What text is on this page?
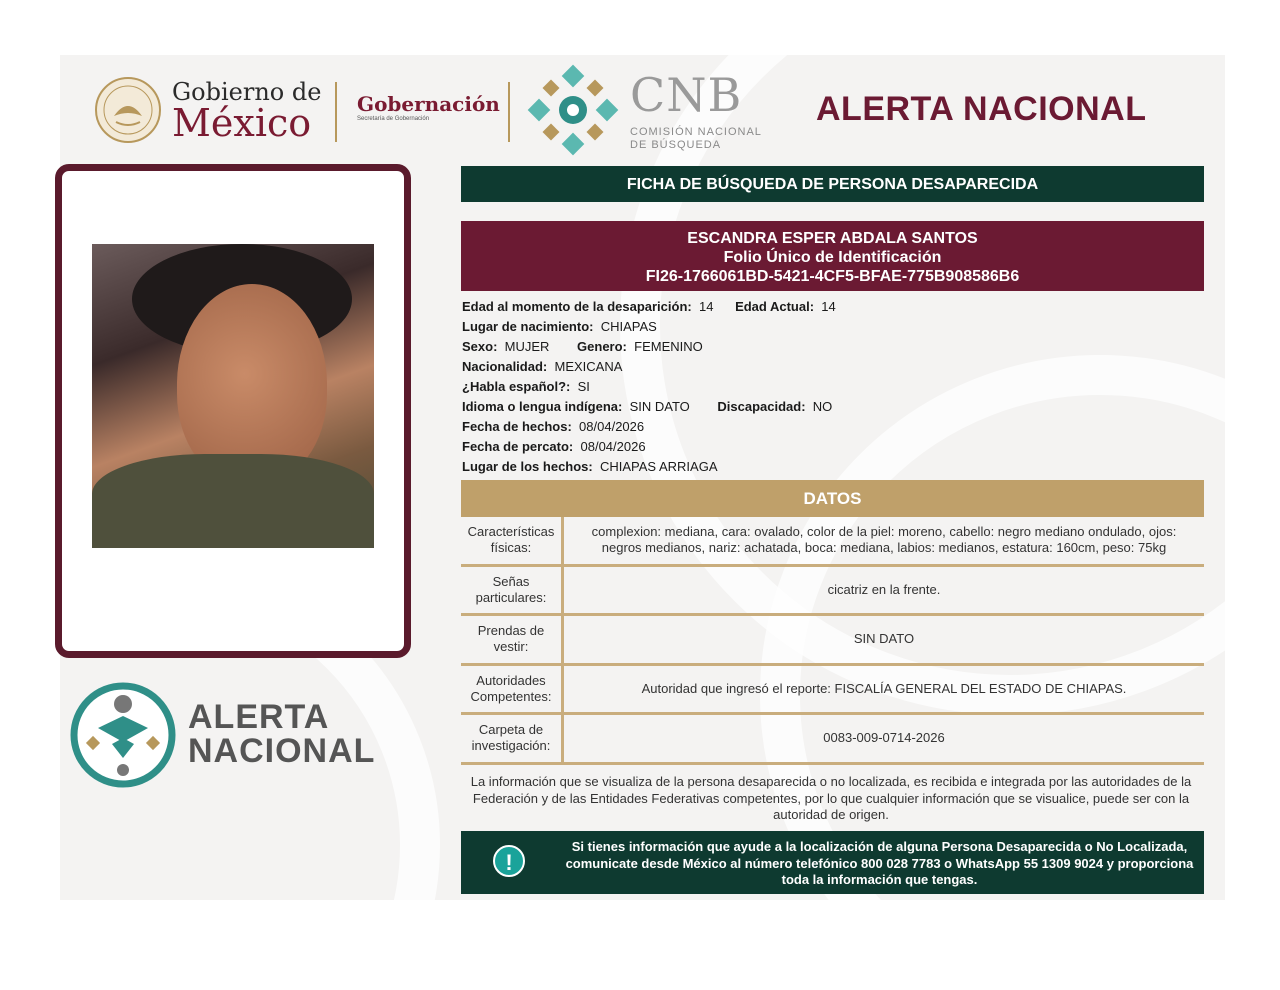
Gobierno de
México	Gobernación
Secretaría de Gobernación	CNB
COMISIÓN NACIONAL
DE BÚSQUEDA
ALERTA NACIONAL
ALERTA
NACIONAL
FICHA DE BÚSQUEDA DE PERSONA DESAPARECIDA
ESCANDRA ESPER ABDALA SANTOS
Folio Único de Identificación
FI26-1766061BD-5421-4CF5-BFAE-775B908586B6
Edad al momento de la desaparición: 14 Edad Actual: 14
Lugar de nacimiento: CHIAPAS
Sexo: MUJER Genero: FEMENINO
Nacionalidad: MEXICANA
¿Habla español?: SI
Idioma o lengua indígena: SIN DATO Discapacidad: NO
Fecha de hechos: 08/04/2026
Fecha de percato: 08/04/2026
Lugar de los hechos: CHIAPAS ARRIAGA
DATOS
Características físicas:
complexion: mediana, cara: ovalado, color de la piel: moreno, cabello: negro mediano ondulado, ojos: negros medianos, nariz: achatada, boca: mediana, labios: medianos, estatura: 160cm, peso: 75kg
Señas particulares:
cicatriz en la frente.
Prendas de vestir:
SIN DATO
Autoridades Competentes:
Autoridad que ingresó el reporte: FISCALÍA GENERAL DEL ESTADO DE CHIAPAS.
Carpeta de investigación:
0083-009-0714-2026
La información que se visualiza de la persona desaparecida o no localizada, es recibida e integrada por las autoridades de la Federación y de las Entidades Federativas competentes, por lo que cualquier información que se visualice, puede ser con la autoridad de origen.
!
Si tienes información que ayude a la localización de alguna Persona Desaparecida o No Localizada, comunicate desde México al número telefónico 800 028 7783 o WhatsApp 55 1309 9024 y proporciona toda la información que tengas.
